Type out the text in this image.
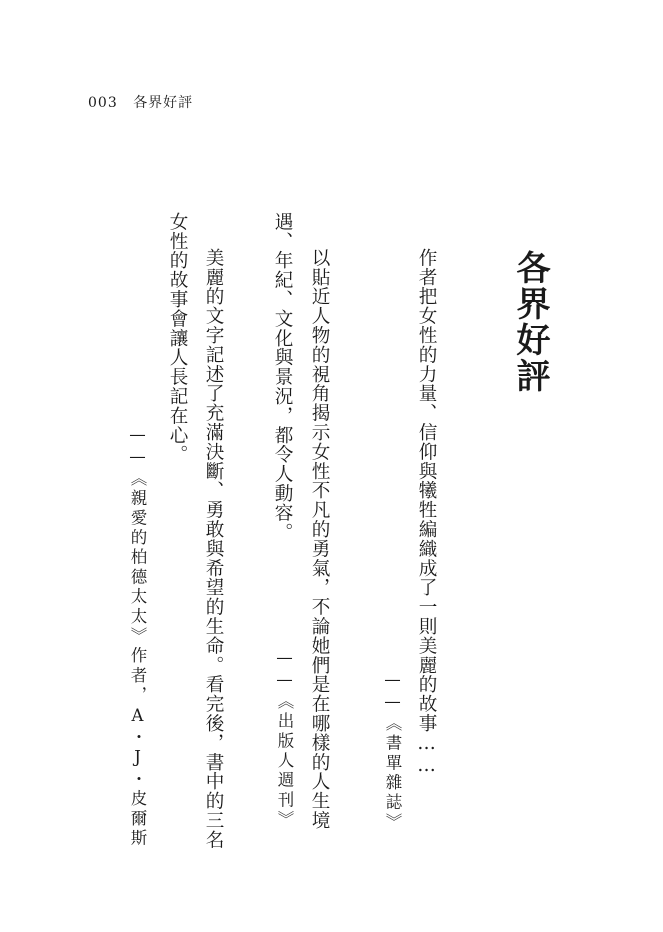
003 各界好評
各界好評
作者把女性的力量、信仰與犧牲編織成了一則美麗的故事……
——《書單雜誌》
以貼近人物的視角揭示女性不凡的勇氣，不論她們是在哪樣的人生境
遇、年紀、文化與景況，都令人動容。
——《出版人週刊》
美麗的文字記述了充滿決斷、勇敢與希望的生命。看完後，書中的三名
女性的故事會讓人長記在心。
——《親愛的柏德太太》作者，A・J・皮爾斯
